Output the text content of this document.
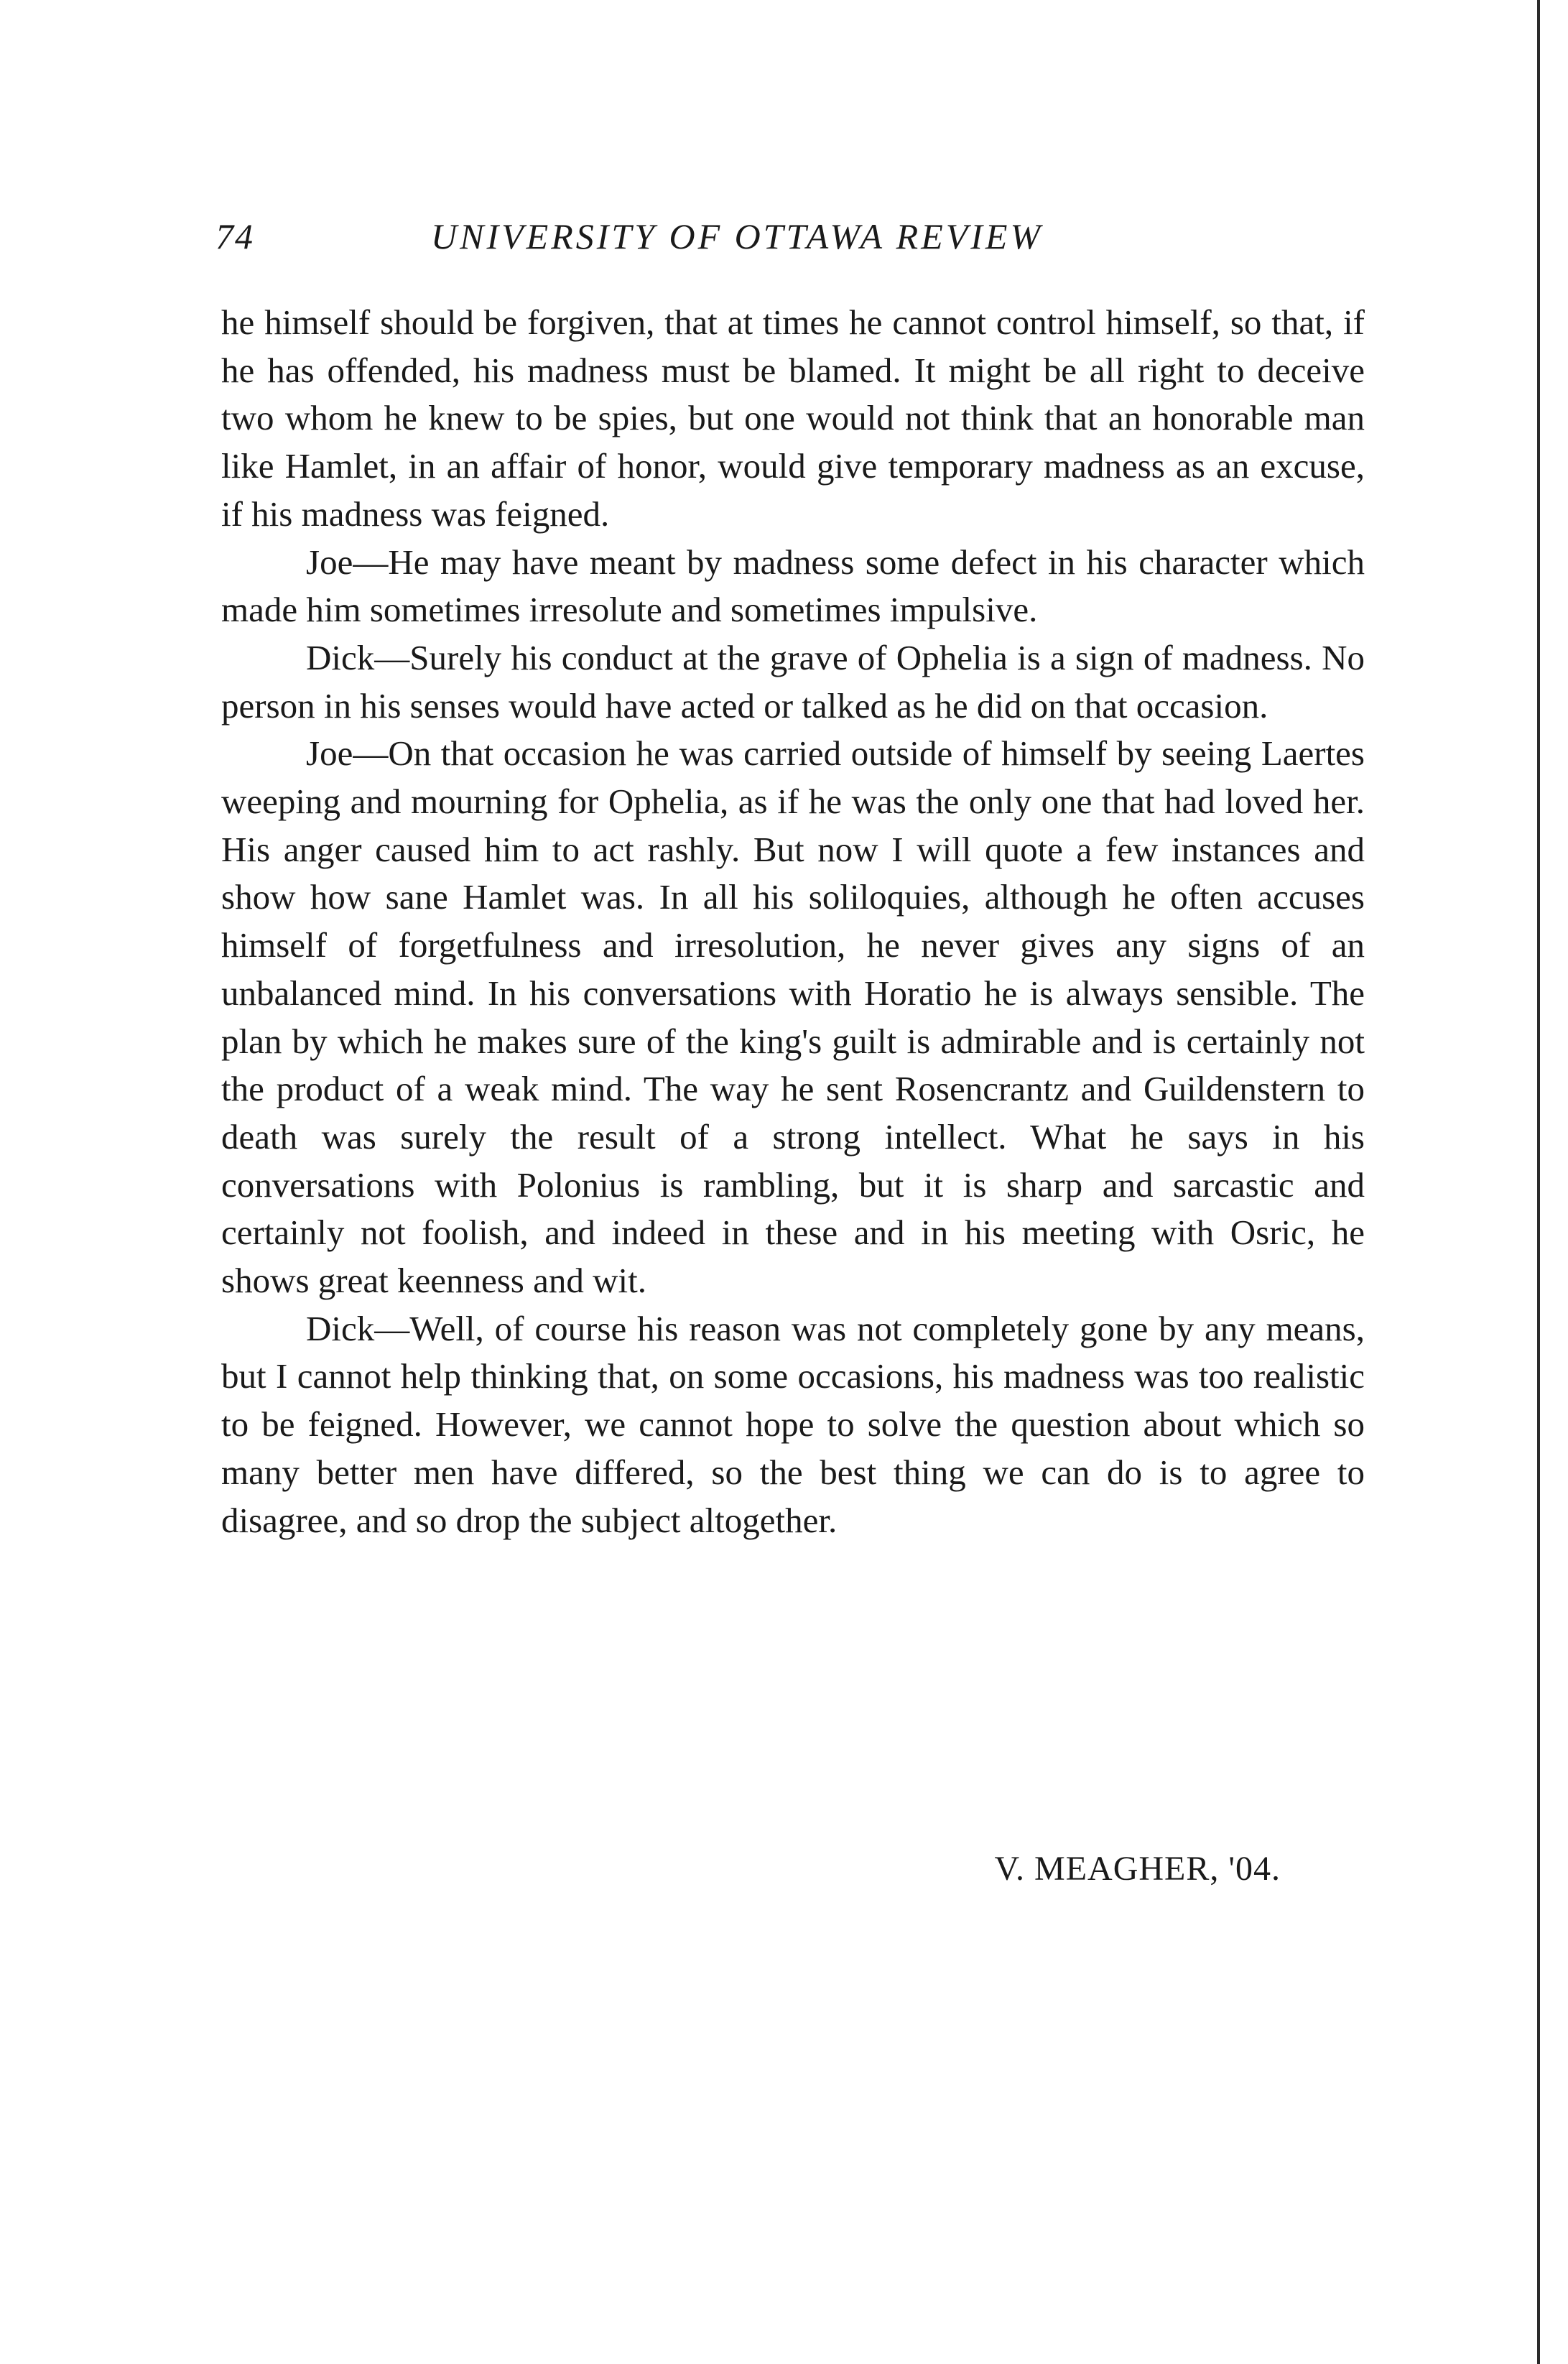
74	UNIVERSITY OF OTTAWA REVIEW

he himself should be forgiven, that at times he cannot control himself, so that, if he has offended, his madness must be blamed. It might be all right to deceive two whom he knew to be spies, but one would not think that an honorable man like Hamlet, in an affair of honor, would give temporary madness as an excuse, if his madness was feigned.

Joe—He may have meant by madness some defect in his character which made him sometimes irresolute and sometimes impulsive.

Dick—Surely his conduct at the grave of Ophelia is a sign of madness. No person in his senses would have acted or talked as he did on that occasion.

Joe—On that occasion he was carried outside of himself by seeing Laertes weeping and mourning for Ophelia, as if he was the only one that had loved her. His anger caused him to act rashly. But now I will quote a few instances and show how sane Hamlet was. In all his soliloquies, although he often accuses himself of forgetfulness and irresolution, he never gives any signs of an unbalanced mind. In his conversations with Horatio he is always sensible. The plan by which he makes sure of the king's guilt is admirable and is certainly not the product of a weak mind. The way he sent Rosencrantz and Guildenstern to death was surely the result of a strong intellect. What he says in his conversations with Polonius is rambling, but it is sharp and sarcastic and certainly not foolish, and indeed in these and in his meeting with Osric, he shows great keenness and wit.

Dick—Well, of course his reason was not completely gone by any means, but I cannot help thinking that, on some occasions, his madness was too realistic to be feigned. However, we cannot hope to solve the question about which so many better men have differed, so the best thing we can do is to agree to disagree, and so drop the subject altogether.

V. MEAGHER, '04.
